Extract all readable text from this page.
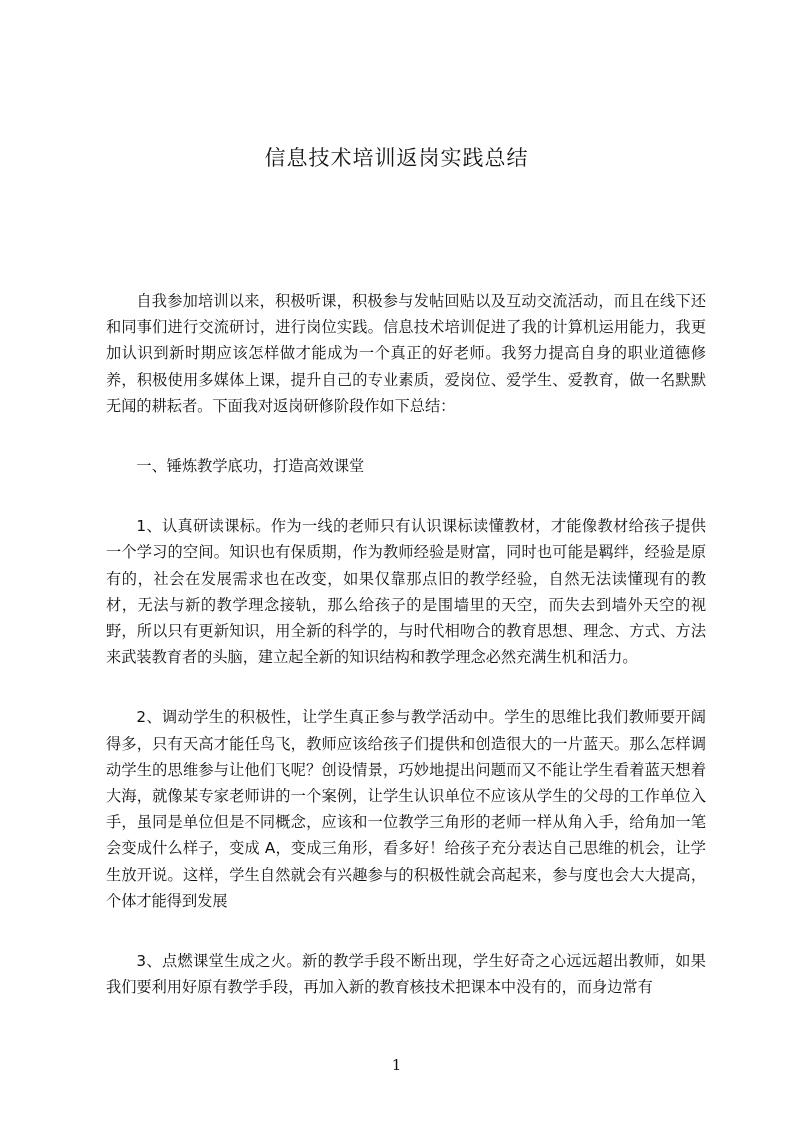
信息技术培训返岗实践总结

自我参加培训以来，积极听课，积极参与发帖回贴以及互动交流活动，而且在线下还和同事们进行交流研讨，进行岗位实践。信息技术培训促进了我的计算机运用能力，我更加认识到新时期应该怎样做才能成为一个真正的好老师。我努力提高自身的职业道德修养，积极使用多媒体上课，提升自己的专业素质，爱岗位、爱学生、爱教育，做一名默默无闻的耕耘者。下面我对返岗研修阶段作如下总结：

一、锤炼教学底功，打造高效课堂

1、认真研读课标。作为一线的老师只有认识课标读懂教材，才能像教材给孩子提供一个学习的空间。知识也有保质期，作为教师经验是财富，同时也可能是羁绊，经验是原有的，社会在发展需求也在改变，如果仅靠那点旧的教学经验，自然无法读懂现有的教材，无法与新的教学理念接轨，那么给孩子的是围墙里的天空，而失去到墙外天空的视野，所以只有更新知识，用全新的科学的，与时代相吻合的教育思想、理念、方式、方法来武装教育者的头脑，建立起全新的知识结构和教学理念必然充满生机和活力。

2、调动学生的积极性，让学生真正参与教学活动中。学生的思维比我们教师要开阔得多，只有天高才能任鸟飞，教师应该给孩子们提供和创造很大的一片蓝天。那么怎样调动学生的思维参与让他们飞呢？创设情景，巧妙地提出问题而又不能让学生看着蓝天想着大海，就像某专家老师讲的一个案例，让学生认识单位不应该从学生的父母的工作单位入手，虽同是单位但是不同概念，应该和一位教学三角形的老师一样从角入手，给角加一笔会变成什么样子，变成 A，变成三角形，看多好！给孩子充分表达自己思维的机会，让学生放开说。这样，学生自然就会有兴趣参与的积极性就会高起来，参与度也会大大提高，个体才能得到发展

3、点燃课堂生成之火。新的教学手段不断出现，学生好奇之心远远超出教师，如果我们要利用好原有教学手段，再加入新的教育核技术把课本中没有的，而身边常有

1
